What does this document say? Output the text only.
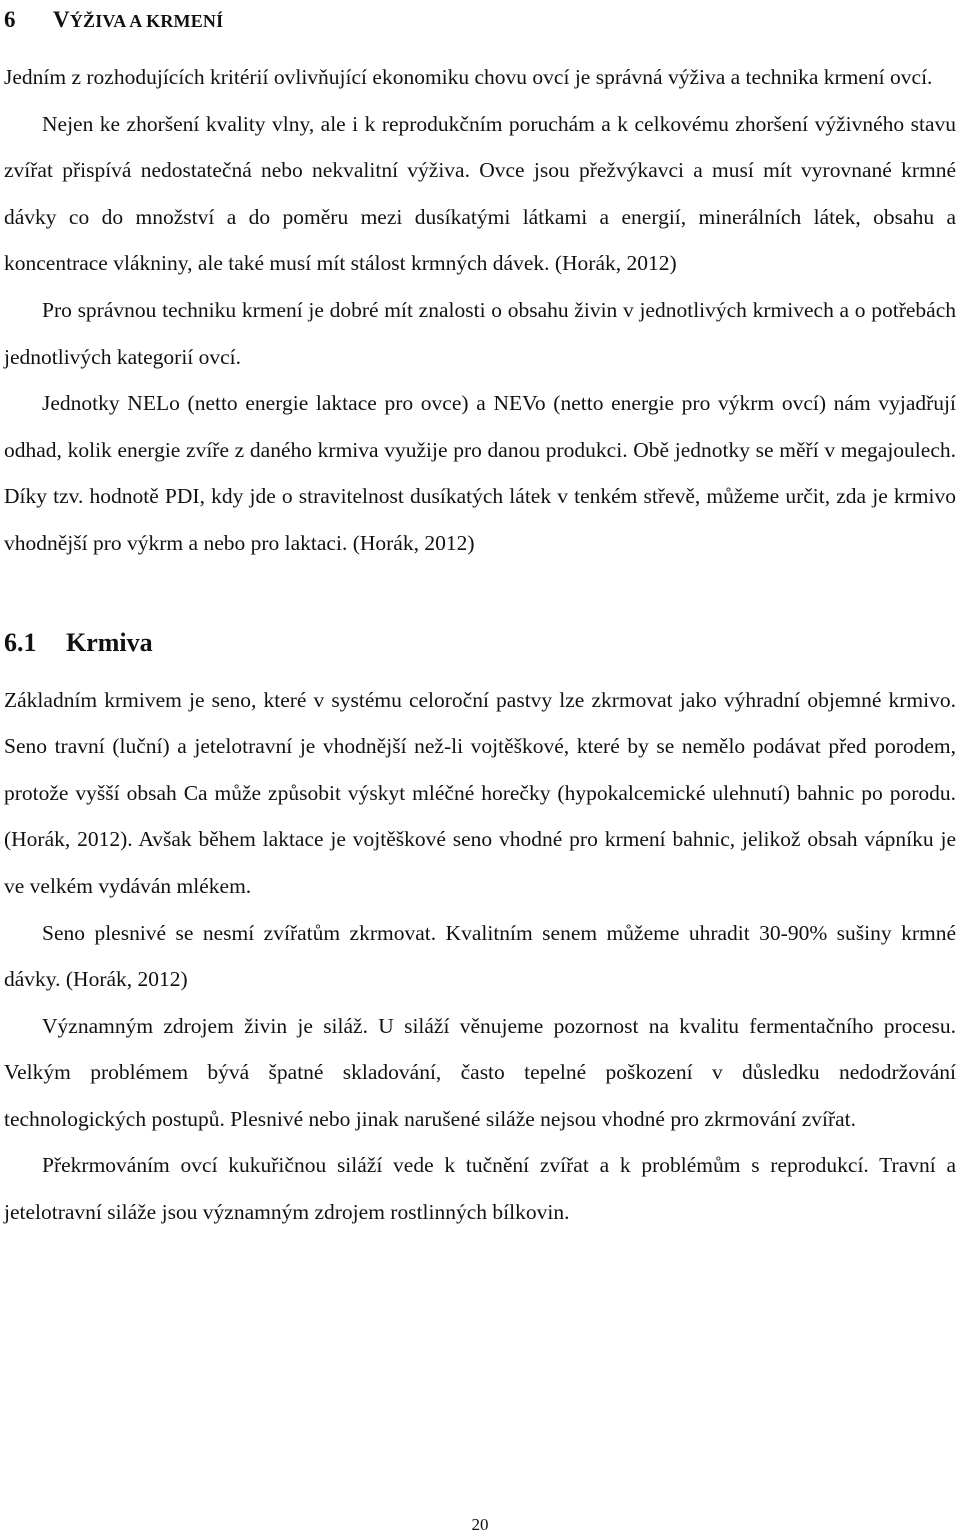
6 VÝŽIVA A KRMENÍ

Jedním z rozhodujících kritérií ovlivňující ekonomiku chovu ovcí je správná výživa a technika krmení ovcí.

Nejen ke zhoršení kvality vlny, ale i k reprodukčním poruchám a k celkovému zhoršení výživného stavu zvířat přispívá nedostatečná nebo nekvalitní výživa. Ovce jsou přežvýkavci a musí mít vyrovnané krmné dávky co do množství a do poměru mezi dusíkatými látkami a energií, minerálních látek, obsahu a koncentrace vlákniny, ale také musí mít stálost krmných dávek. (Horák, 2012)

Pro správnou techniku krmení je dobré mít znalosti o obsahu živin v jednotlivých krmivech a o potřebách jednotlivých kategorií ovcí.

Jednotky NELo (netto energie laktace pro ovce) a NEVo (netto energie pro výkrm ovcí) nám vyjadřují odhad, kolik energie zvíře z daného krmiva využije pro danou produkci. Obě jednotky se měří v megajoulech. Díky tzv. hodnotě PDI, kdy jde o stravitelnost dusíkatých látek v tenkém střevě, můžeme určit, zda je krmivo vhodnější pro výkrm a nebo pro laktaci. (Horák, 2012)

6.1 Krmiva

Základním krmivem je seno, které v systému celoroční pastvy lze zkrmovat jako výhradní objemné krmivo. Seno travní (luční) a jetelotravní je vhodnější než-li vojtěškové, které by se nemělo podávat před porodem, protože vyšší obsah Ca může způsobit výskyt mléčné horečky (hypokalcemické ulehnutí) bahnic po porodu. (Horák, 2012). Avšak během laktace je vojtěškové seno vhodné pro krmení bahnic, jelikož obsah vápníku je ve velkém vydáván mlékem.

Seno plesnivé se nesmí zvířatům zkrmovat. Kvalitním senem můžeme uhradit 30-90% sušiny krmné dávky. (Horák, 2012)

Významným zdrojem živin je siláž. U siláží věnujeme pozornost na kvalitu fermentačního procesu. Velkým problémem bývá špatné skladování, často tepelné poškození v důsledku nedodržování technologických postupů. Plesnivé nebo jinak narušené siláže nejsou vhodné pro zkrmování zvířat.

Překrmováním ovcí kukuřičnou siláží vede k tučnění zvířat a k problémům s reprodukcí. Travní a jetelotravní siláže jsou významným zdrojem rostlinných bílkovin.

20
